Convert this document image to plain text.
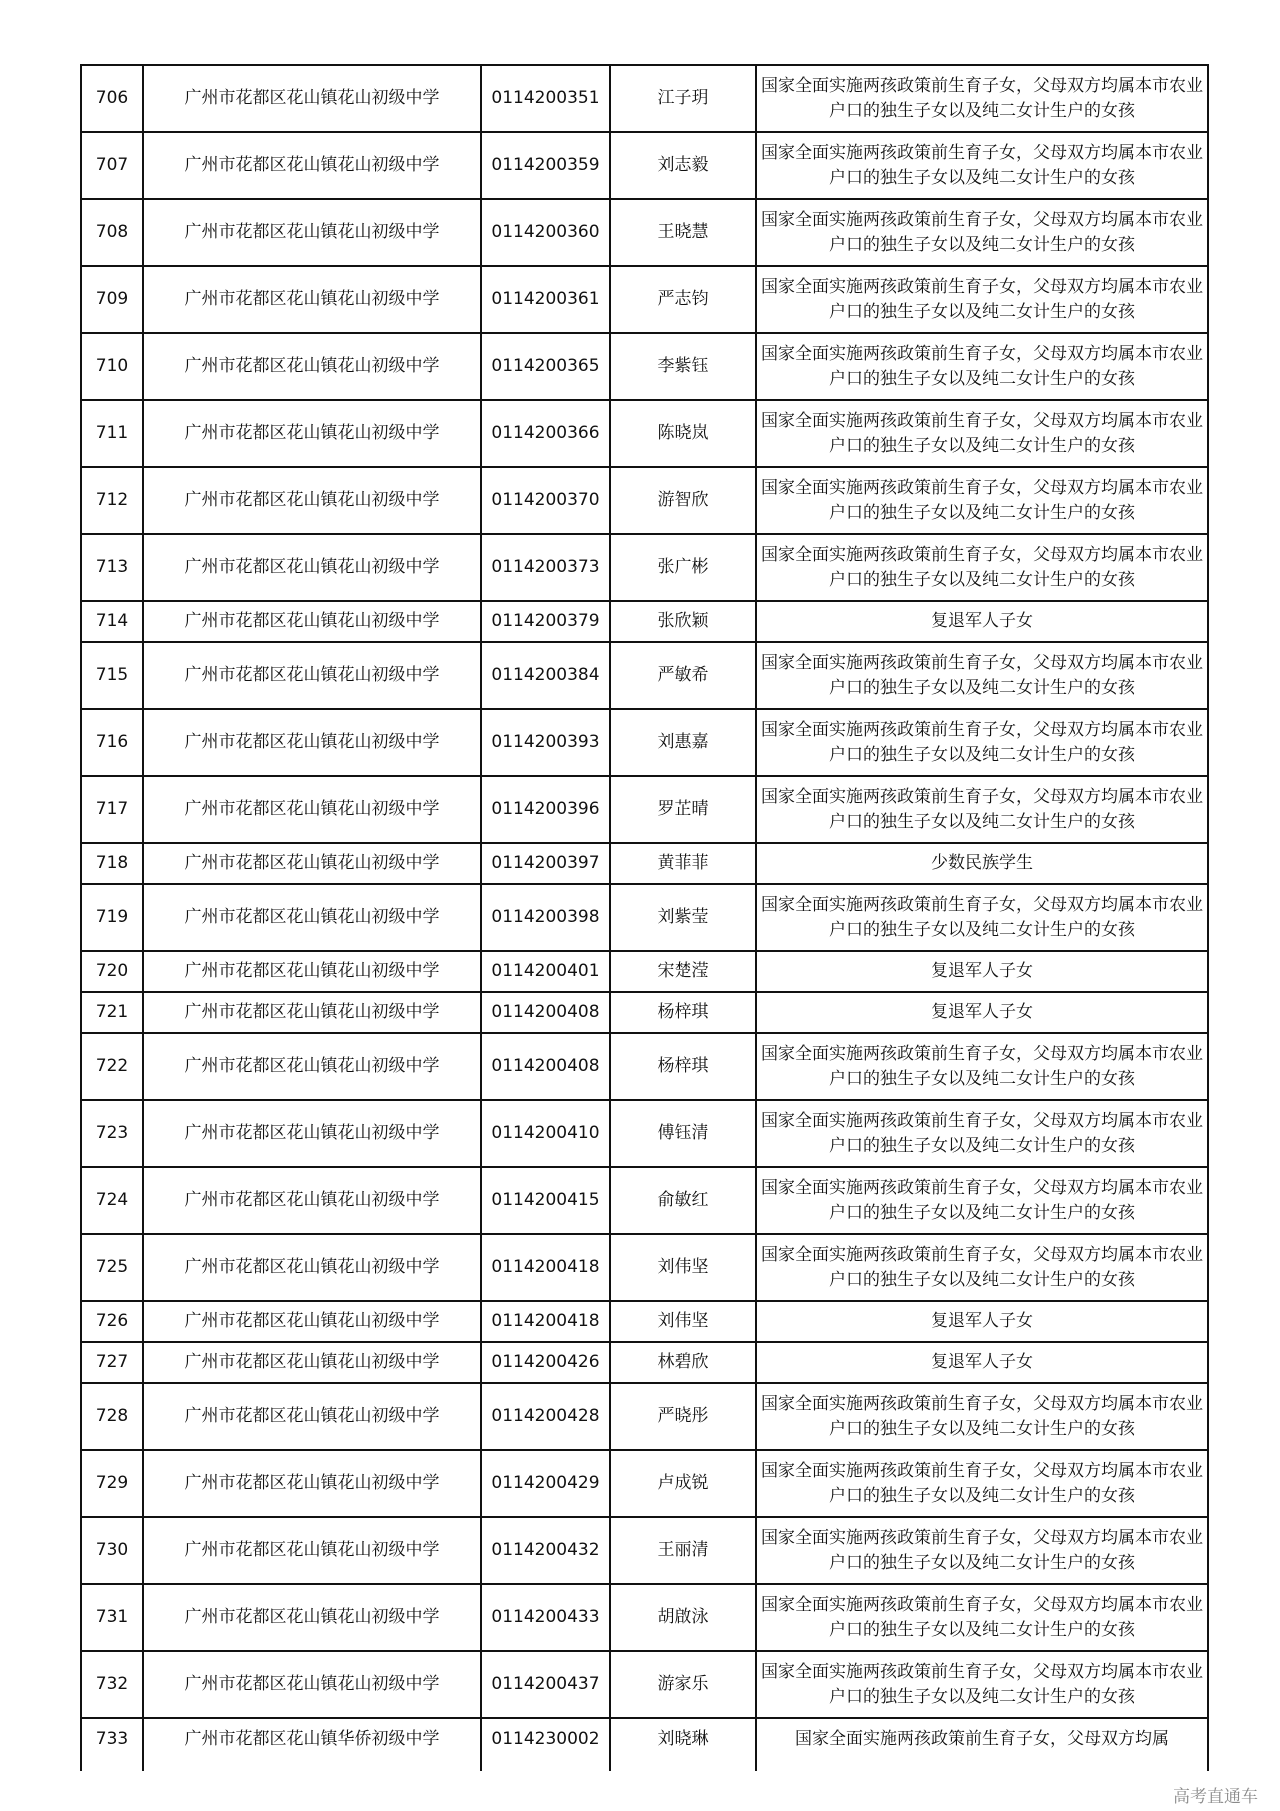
706	广州市花都区花山镇花山初级中学	0114200351	江子玥	国家全面实施两孩政策前生育子女，父母双方均属本市农业户口的独生子女以及纯二女计生户的女孩
707	广州市花都区花山镇花山初级中学	0114200359	刘志毅	国家全面实施两孩政策前生育子女，父母双方均属本市农业户口的独生子女以及纯二女计生户的女孩
708	广州市花都区花山镇花山初级中学	0114200360	王晓慧	国家全面实施两孩政策前生育子女，父母双方均属本市农业户口的独生子女以及纯二女计生户的女孩
709	广州市花都区花山镇花山初级中学	0114200361	严志钧	国家全面实施两孩政策前生育子女，父母双方均属本市农业户口的独生子女以及纯二女计生户的女孩
710	广州市花都区花山镇花山初级中学	0114200365	李紫钰	国家全面实施两孩政策前生育子女，父母双方均属本市农业户口的独生子女以及纯二女计生户的女孩
711	广州市花都区花山镇花山初级中学	0114200366	陈晓岚	国家全面实施两孩政策前生育子女，父母双方均属本市农业户口的独生子女以及纯二女计生户的女孩
712	广州市花都区花山镇花山初级中学	0114200370	游智欣	国家全面实施两孩政策前生育子女，父母双方均属本市农业户口的独生子女以及纯二女计生户的女孩
713	广州市花都区花山镇花山初级中学	0114200373	张广彬	国家全面实施两孩政策前生育子女，父母双方均属本市农业户口的独生子女以及纯二女计生户的女孩
714	广州市花都区花山镇花山初级中学	0114200379	张欣颖	复退军人子女
715	广州市花都区花山镇花山初级中学	0114200384	严敏希	国家全面实施两孩政策前生育子女，父母双方均属本市农业户口的独生子女以及纯二女计生户的女孩
716	广州市花都区花山镇花山初级中学	0114200393	刘惠嘉	国家全面实施两孩政策前生育子女，父母双方均属本市农业户口的独生子女以及纯二女计生户的女孩
717	广州市花都区花山镇花山初级中学	0114200396	罗芷晴	国家全面实施两孩政策前生育子女，父母双方均属本市农业户口的独生子女以及纯二女计生户的女孩
718	广州市花都区花山镇花山初级中学	0114200397	黄菲菲	少数民族学生
719	广州市花都区花山镇花山初级中学	0114200398	刘紫莹	国家全面实施两孩政策前生育子女，父母双方均属本市农业户口的独生子女以及纯二女计生户的女孩
720	广州市花都区花山镇花山初级中学	0114200401	宋楚滢	复退军人子女
721	广州市花都区花山镇花山初级中学	0114200408	杨梓琪	复退军人子女
722	广州市花都区花山镇花山初级中学	0114200408	杨梓琪	国家全面实施两孩政策前生育子女，父母双方均属本市农业户口的独生子女以及纯二女计生户的女孩
723	广州市花都区花山镇花山初级中学	0114200410	傅钰清	国家全面实施两孩政策前生育子女，父母双方均属本市农业户口的独生子女以及纯二女计生户的女孩
724	广州市花都区花山镇花山初级中学	0114200415	俞敏红	国家全面实施两孩政策前生育子女，父母双方均属本市农业户口的独生子女以及纯二女计生户的女孩
725	广州市花都区花山镇花山初级中学	0114200418	刘伟坚	国家全面实施两孩政策前生育子女，父母双方均属本市农业户口的独生子女以及纯二女计生户的女孩
726	广州市花都区花山镇花山初级中学	0114200418	刘伟坚	复退军人子女
727	广州市花都区花山镇花山初级中学	0114200426	林碧欣	复退军人子女
728	广州市花都区花山镇花山初级中学	0114200428	严晓彤	国家全面实施两孩政策前生育子女，父母双方均属本市农业户口的独生子女以及纯二女计生户的女孩
729	广州市花都区花山镇花山初级中学	0114200429	卢成锐	国家全面实施两孩政策前生育子女，父母双方均属本市农业户口的独生子女以及纯二女计生户的女孩
730	广州市花都区花山镇花山初级中学	0114200432	王丽清	国家全面实施两孩政策前生育子女，父母双方均属本市农业户口的独生子女以及纯二女计生户的女孩
731	广州市花都区花山镇花山初级中学	0114200433	胡啟泳	国家全面实施两孩政策前生育子女，父母双方均属本市农业户口的独生子女以及纯二女计生户的女孩
732	广州市花都区花山镇花山初级中学	0114200437	游家乐	国家全面实施两孩政策前生育子女，父母双方均属本市农业户口的独生子女以及纯二女计生户的女孩
733	广州市花都区花山镇华侨初级中学	0114230002	刘晓琳	国家全面实施两孩政策前生育子女，父母双方均属
高考直通车
